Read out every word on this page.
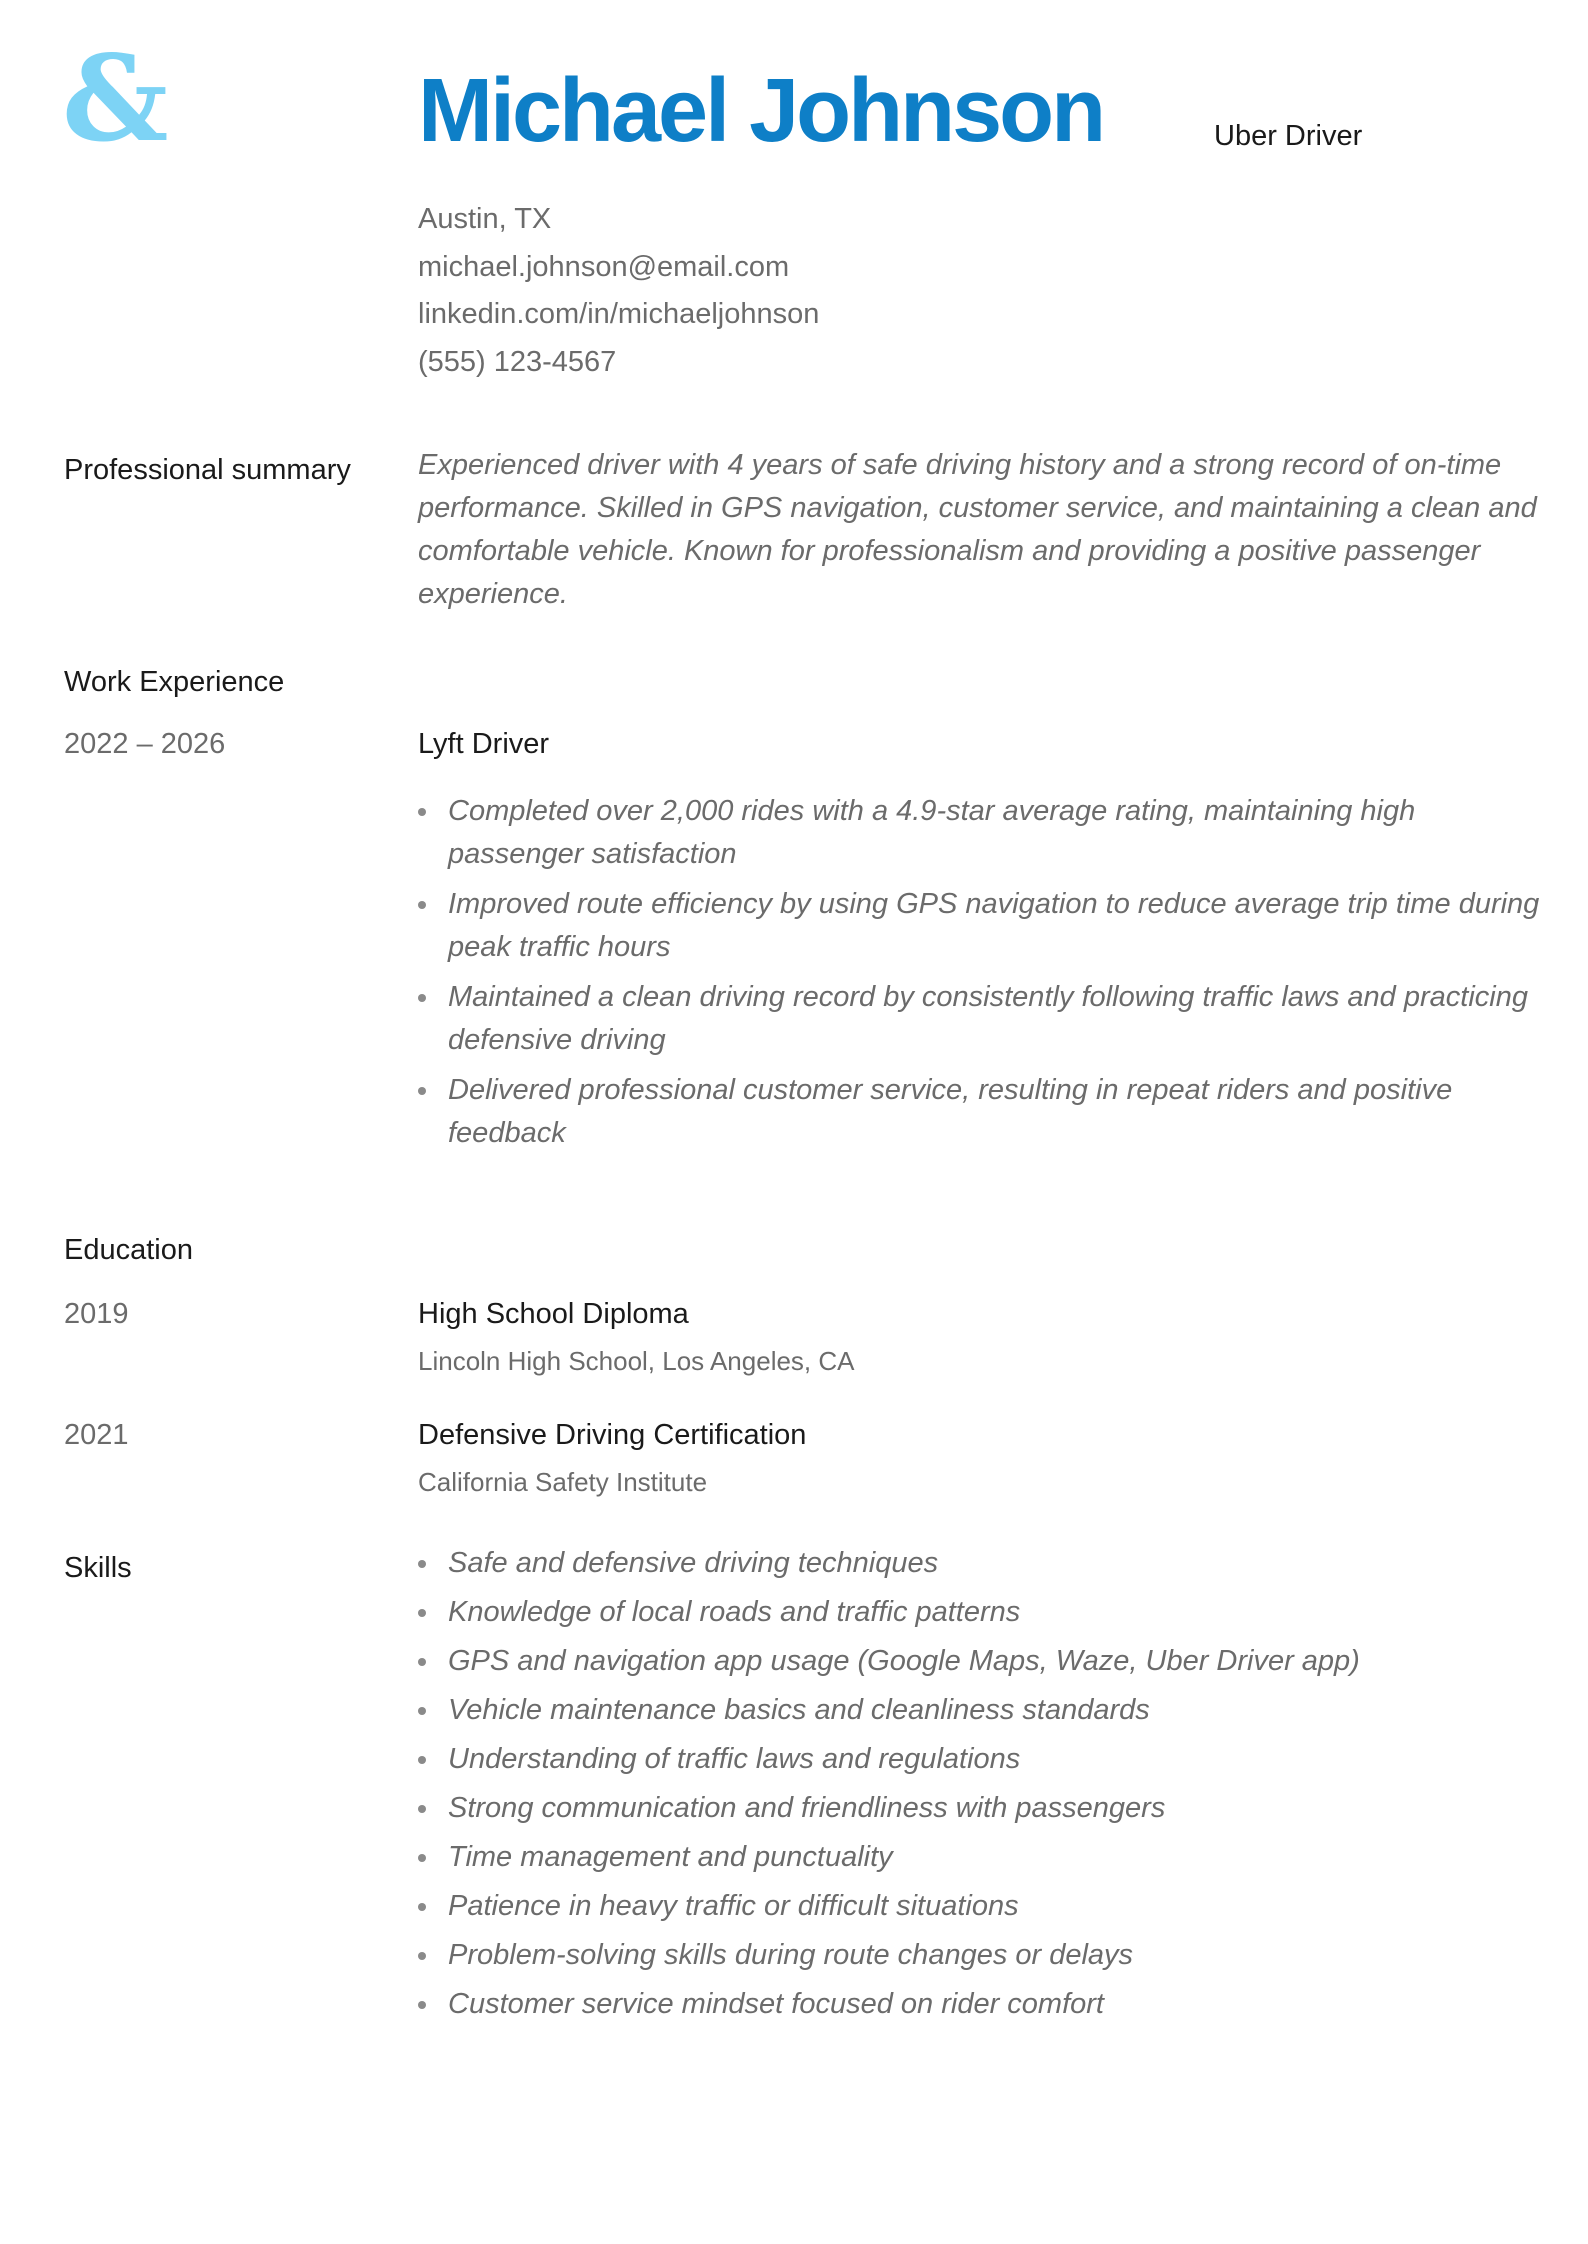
&	Michael Johnson	Uber Driver
Austin, TX
michael.johnson@email.com
linkedin.com/in/michaeljohnson
(555) 123-4567
Professional summary Experienced driver with 4 years of safe driving history and a strong record of on-time performance. Skilled in GPS navigation, customer service, and maintaining a clean and comfortable vehicle. Known for professionalism and providing a positive passenger experience.
Work Experience
2022 – 2026	Lyft Driver
Completed over 2,000 rides with a 4.9-star average rating, maintaining high passenger satisfaction
Improved route efficiency by using GPS navigation to reduce average trip time during peak traffic hours
Maintained a clean driving record by consistently following traffic laws and practicing defensive driving
Delivered professional customer service, resulting in repeat riders and positive feedback
Education
2019	High School Diploma
Lincoln High School, Los Angeles, CA
2021	Defensive Driving Certification
California Safety Institute
Skills	Safe and defensive driving techniques
Knowledge of local roads and traffic patterns
GPS and navigation app usage (Google Maps, Waze, Uber Driver app)
Vehicle maintenance basics and cleanliness standards
Understanding of traffic laws and regulations
Strong communication and friendliness with passengers
Time management and punctuality
Patience in heavy traffic or difficult situations
Problem-solving skills during route changes or delays
Customer service mindset focused on rider comfort
